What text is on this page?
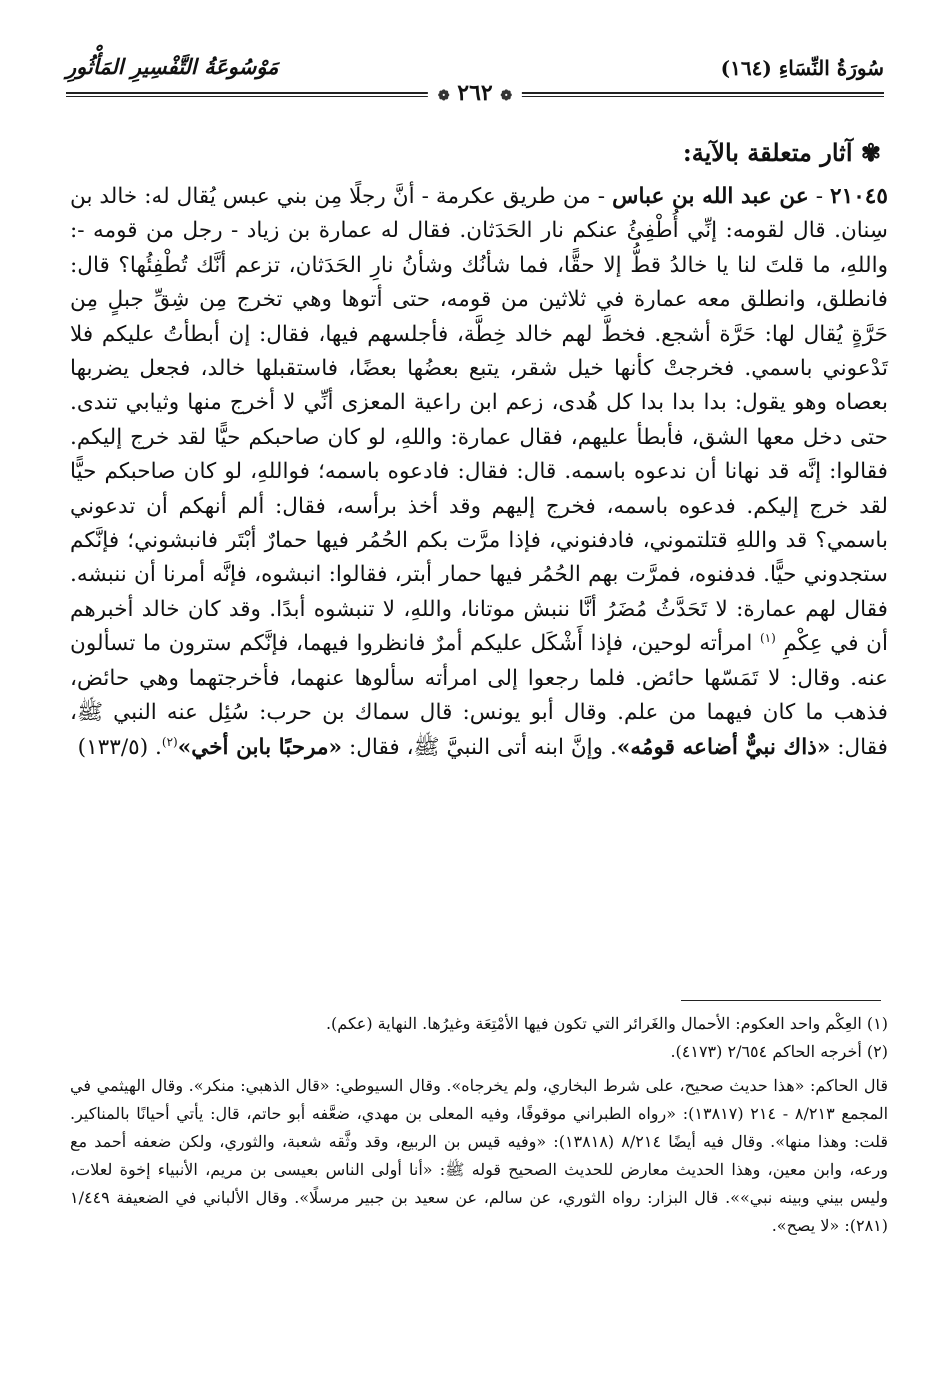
سُورَةُ النِّسَاءِ (١٦٤)
مَوْسُوعَةُ التَّفْسِيرِ المَأْثُورِ
❁ ٢٦٢ ❁
✾ آثار متعلقة بالآية:
٢١٠٤٥ - عن عبد الله بن عباس - من طريق عكرمة - أنَّ رجلًا مِن بني عبس يُقال له: خالد بن سِنان. قال لقومه: إنِّي أُطْفِئُ عنكم نار الحَدَثان. فقال له عمارة بن زياد - رجل من قومه -: واللهِ، ما قلتَ لنا يا خالدُ قطُّ إلا حقًّا، فما شأنُك وشأنُ نارِ الحَدَثان، تزعم أنَّك تُطْفِئُها؟ قال: فانطلق، وانطلق معه عمارة في ثلاثين من قومه، حتى أتوها وهي تخرج مِن شِقِّ جبلٍ مِن حَرَّةٍ يُقال لها: حَرَّة أشجع. فخطَّ لهم خالد خِطَّة، فأجلسهم فيها، فقال: إن أبطأتُ عليكم فلا تَدْعوني باسمي. فخرجتْ كأنها خيل شقر، يتبع بعضُها بعضًا، فاستقبلها خالد، فجعل يضربها بعصاه وهو يقول: بدا بدا بدا كل هُدى، زعم ابن راعية المعزى أنِّي لا أخرج منها وثيابي تندى. حتى دخل معها الشق، فأبطأ عليهم، فقال عمارة: واللهِ، لو كان صاحبكم حيًّا لقد خرج إليكم. فقالوا: إنَّه قد نهانا أن ندعوه باسمه. قال: فقال: فادعوه باسمه؛ فواللهِ، لو كان صاحبكم حيًّا لقد خرج إليكم. فدعوه باسمه، فخرج إليهم وقد أخذ برأسه، فقال: ألم أنهكم أن تدعوني باسمي؟ قد واللهِ قتلتموني، فادفنوني، فإذا مرَّت بكم الحُمُر فيها حمارٌ أبْتَر فانبشوني؛ فإنَّكم ستجدوني حيًّا. فدفنوه، فمرَّت بهم الحُمُر فيها حمار أبتر، فقالوا: انبشوه، فإنَّه أمرنا أن ننبشه. فقال لهم عمارة: لا تَحَدَّثُ مُضَرُ أنَّا ننبش موتانا، واللهِ، لا تنبشوه أبدًا. وقد كان خالد أخبرهم أن في عِكْمِ $^{(١)}$ امرأته لوحين، فإذا أَشْكَل عليكم أمرٌ فانظروا فيهما، فإنَّكم سترون ما تسألون عنه. وقال: لا تَمَسّها حائض. فلما رجعوا إلى امرأته سألوها عنهما، فأخرجتهما وهي حائض، فذهب ما كان فيهما من علم. وقال أبو يونس: قال سماك بن حرب: سُئِل عنه النبي ﷺ، فقال: «ذاك نبيٌّ أضاعه قومُه». وإنَّ ابنه أتى النبيَّ ﷺ، فقال: «مرحبًا بابن أخي»$^{(٢)}$. (١٣٣/٥)
(١) العِكْم واحد العكوم: الأحمال والغَرائر التي تكون فيها الأمْتِعَة وغيرُها. النهاية (عكم).
(٢) أخرجه الحاكم ٢/٦٥٤ (٤١٧٣).
قال الحاكم: «هذا حديث صحيح، على شرط البخاري، ولم يخرجاه». وقال السيوطي: «قال الذهبي: منكر». وقال الهيثمي في المجمع ٨/٢١٣ - ٢١٤ (١٣٨١٧): «رواه الطبراني موقوفًا، وفيه المعلى بن مهدي، ضعَّفه أبو حاتم، قال: يأتي أحيانًا بالمناكير. قلت: وهذا منها». وقال فيه أيضًا ٨/٢١٤ (١٣٨١٨): «وفيه قيس بن الربيع، وقد وثَّقه شعبة، والثوري، ولكن ضعفه أحمد مع ورعه، وابن معين، وهذا الحديث معارض للحديث الصحيح قوله ﷺ: «أنا أولى الناس بعيسى بن مريم، الأنبياء إخوة لعلات، وليس بيني وبينه نبي»». قال البزار: رواه الثوري، عن سالم، عن سعيد بن جبير مرسلًا». وقال الألباني في الضعيفة ١/٤٤٩ (٢٨١): «لا يصح».
